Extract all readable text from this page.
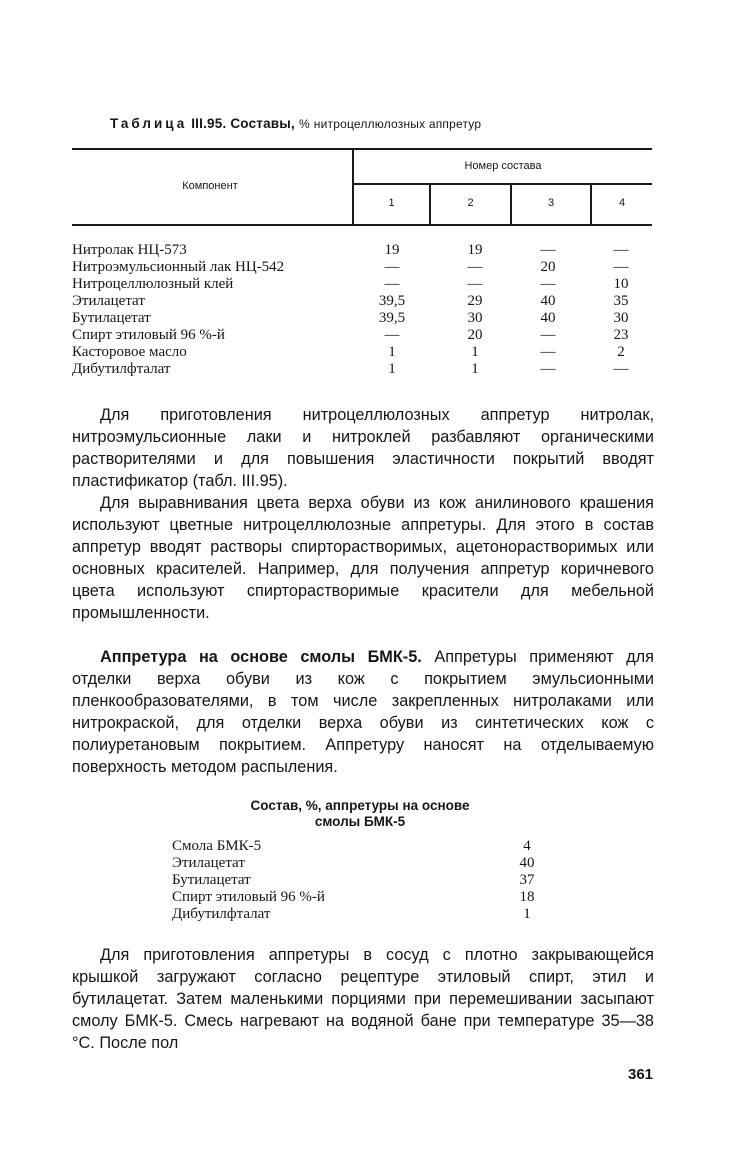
Таблица III.95. Составы, % нитроцеллюлозных аппретур
Компонент
Номер состава
1	2	3	4
Нитролак НЦ-573	19	19	—	—
Нитроэмульсионный лак НЦ-542	—	—	20	—
Нитроцеллюлозный клей	—	—	—	10
Этилацетат	39,5	29	40	35
Бутилацетат	39,5	30	40	30
Спирт этиловый 96 %-й	—	20	—	23
Касторовое масло	1	1	—	2
Дибутилфталат	1	1	—	—

Для приготовления нитроцеллюлозных аппретур нитролак, нитроэмульсионные лаки и нитроклей разбавляют органическими растворителями и для повышения эластичности покрытий вводят пластификатор (табл. III.95).

Для выравнивания цвета верха обуви из кож анилинового крашения используют цветные нитроцеллюлозные аппретуры. Для этого в состав аппретур вводят растворы спирторастворимых, ацетонорастворимых или основных красителей. Например, для получения аппретур коричневого цвета используют спирторастворимые красители для мебельной промышленности.

Аппретура на основе смолы БМК-5. Аппретуры применяют для отделки верха обуви из кож с покрытием эмульсионными пленкообразователями, в том числе закрепленных нитролаками или нитрокраской, для отделки верха обуви из синтетических кож с полиуретановым покрытием. Аппретуру наносят на отделываемую поверхность методом распыления.

Состав, %, аппретуры на основе
смолы БМК-5
Смола БМК-5	4
Этилацетат	40
Бутилацетат	37
Спирт этиловый 96 %-й	18
Дибутилфталат	1

Для приготовления аппретуры в сосуд с плотно закрывающейся крышкой загружают согласно рецептуре этиловый спирт, этил и бутилацетат. Затем маленькими порциями при перемешивании засыпают смолу БМК-5. Смесь нагревают на водяной бане при температуре 35—38 °С. После пол

361
